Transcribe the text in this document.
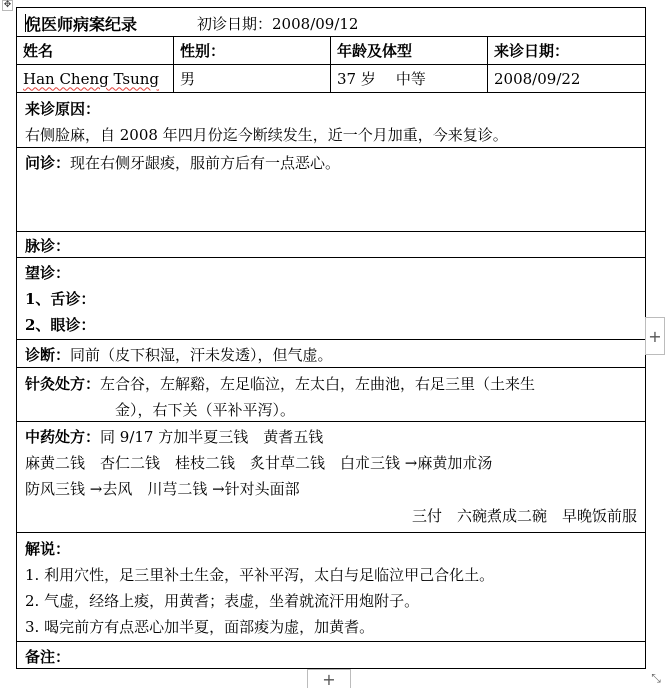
✥
倪医师病案纪录	初诊日期：2008/09/12
姓名	性别：	年龄及体型	来诊日期：
Han Cheng Tsung	男	37 岁 中等	2008/09/22
来诊原因：
右侧脸麻，自 2008 年四月份迄今断续发生，近一个月加重，今来复诊。
问诊：现在右侧牙龈痠，服前方后有一点恶心。
脉诊：
望诊：
1、舌诊：
2、眼诊：
诊断：同前（皮下积湿，汗未发透），但气虚。
针灸处方：左合谷，左解谿，左足临泣，左太白，左曲池，右足三里（土来生
金），右下关（平补平泻）。
中药处方：同 9/17 方加半夏三钱　黄耆五钱
麻黄二钱　杏仁二钱　桂枝二钱　炙甘草二钱　白朮三钱 →麻黄加朮汤
防风三钱 →去风　川芎二钱 →针对头面部
三付　六碗煮成二碗　早晚饭前服
解说：
1. 利用穴性，足三里补土生金，平补平泻，太白与足临泣甲己合化土。
2. 气虚，经络上痠，用黄耆；表虚，坐着就流汗用炮附子。
3. 喝完前方有点恶心加半夏，面部痠为虚，加黄耆。
备注：
+
+	⤡
